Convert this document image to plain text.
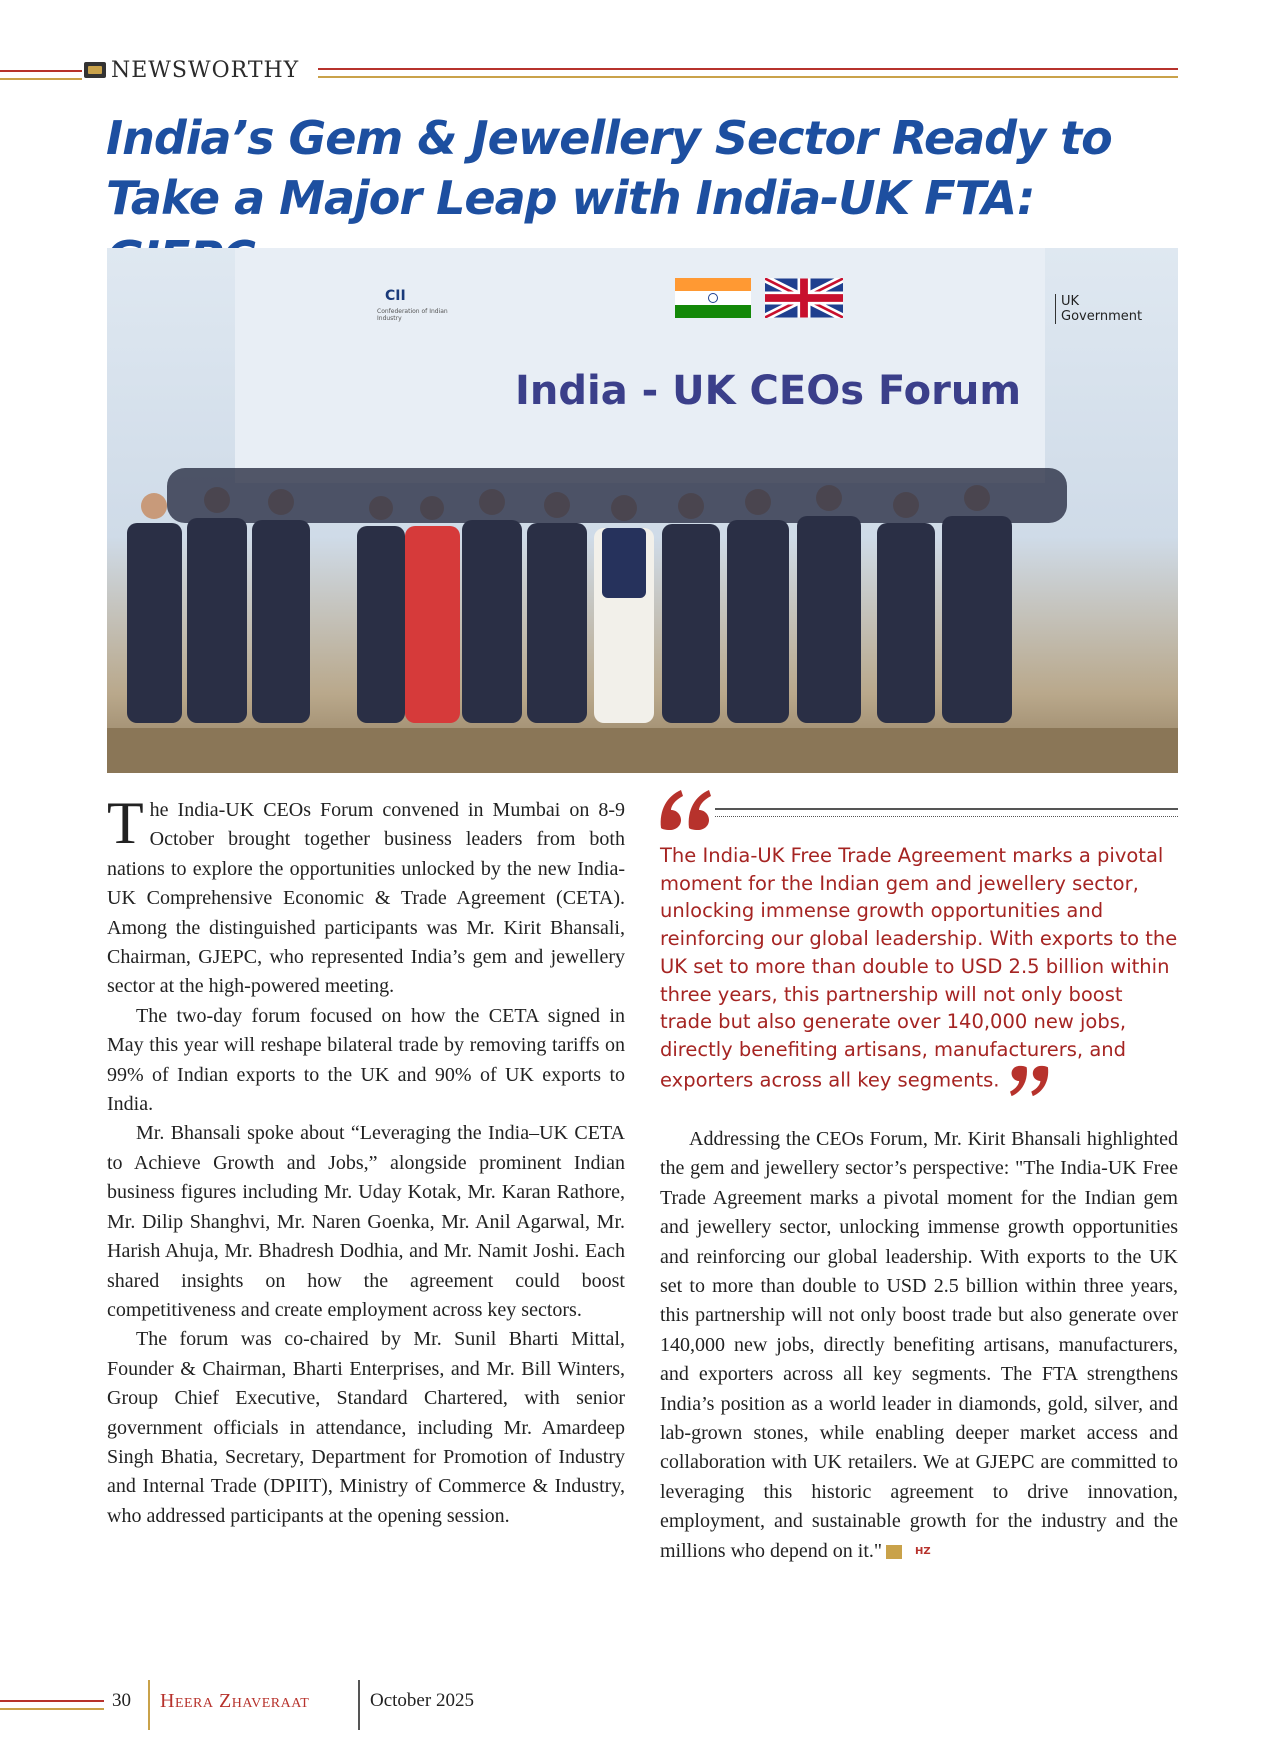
NEWSWORTHY
India’s Gem & Jewellery Sector Ready to
Take a Major Leap with India-UK FTA:
CII
Confederation of Indian Industry
UK Government
India - UK CEOs Forum

The India-UK CEOs Forum convened in Mumbai on 8-9 October brought together business leaders from both nations to explore the opportunities unlocked by the new India-UK Comprehensive Economic & Trade Agreement (CETA). Among the distinguished participants was Mr. Kirit Bhansali, Chairman, GJEPC, who represented India’s gem and jewellery sector at the high-powered meeting.

The two-day forum focused on how the CETA signed in May this year will reshape bilateral trade by removing tariffs on 99% of Indian exports to the UK and 90% of UK exports to India.

Mr. Bhansali spoke about “Leveraging the India–UK CETA to Achieve Growth and Jobs,” alongside prominent Indian business figures including Mr. Uday Kotak, Mr. Karan Rathore, Mr. Dilip Shanghvi, Mr. Naren Goenka, Mr. Anil Agarwal, Mr. Harish Ahuja, Mr. Bhadresh Dodhia, and Mr. Namit Joshi. Each shared insights on how the agreement could boost competitiveness and create employment across key sectors.

The forum was co-chaired by Mr. Sunil Bharti Mittal, Founder & Chairman, Bharti Enterprises, and Mr. Bill Winters, Group Chief Executive, Standard Chartered, with senior government officials in attendance, including Mr. Amardeep Singh Bhatia, Secretary, Department for Promotion of Industry and Internal Trade (DPIIT), Ministry of Commerce & Industry, who addressed participants at the opening session.

The India-UK Free Trade Agreement marks a pivotal moment for the Indian gem and jewellery sector, unlocking immense growth opportunities and reinforcing our global leadership. With exports to the UK set to more than double to USD 2.5 billion within three years, this partnership will not only boost trade but also generate over 140,000 new jobs, directly benefiting artisans, manufacturers, and exporters across all key segments.

Addressing the CEOs Forum, Mr. Kirit Bhansali highlighted the gem and jewellery sector’s perspective: "The India-UK Free Trade Agreement marks a pivotal moment for the Indian gem and jewellery sector, unlocking immense growth opportunities and reinforcing our global leadership. With exports to the UK set to more than double to USD 2.5 billion within three years, this partnership will not only boost trade but also generate over 140,000 new jobs, directly benefiting artisans, manufacturers, and exporters across all key segments. The FTA strengthens India’s position as a world leader in diamonds, gold, silver, and lab-grown stones, while enabling deeper market access and collaboration with UK retailers. We at GJEPC are committed to leveraging this historic agreement to drive innovation, employment, and sustainable growth for the industry and the millions who depend on it."	HZ

30 Heera Zhaveraat	October 2025
